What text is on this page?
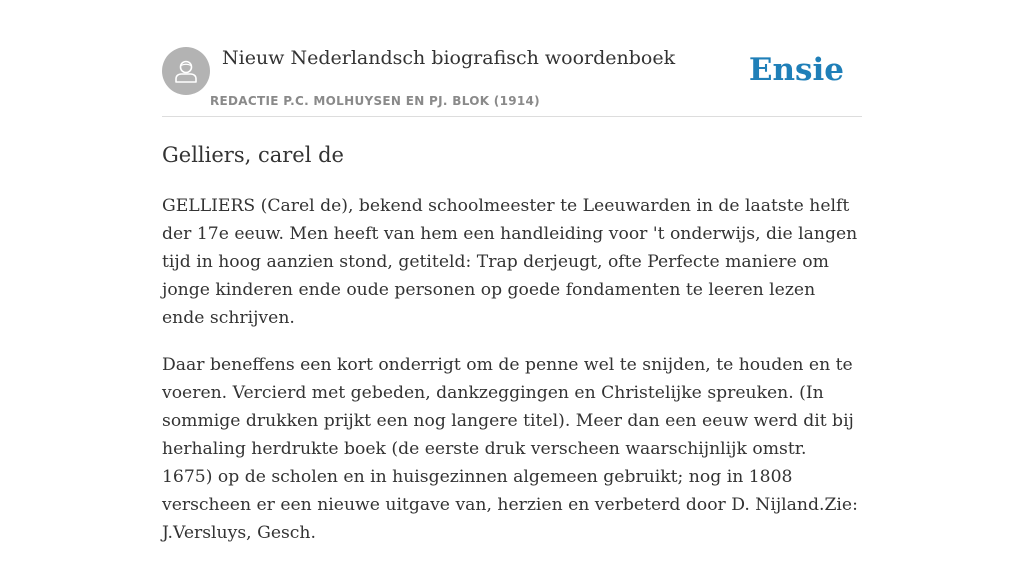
Nieuw Nederlandsch biografisch woordenboek
REDACTIE P.C. MOLHUYSEN EN PJ. BLOK (1914)
Ensie
Gelliers, carel de

GELLIERS (Carel de), bekend schoolmeester te Leeuwarden in de laatste helft der 17e eeuw. Men heeft van hem een handleiding voor 't onderwijs, die langen tijd in hoog aanzien stond, getiteld: Trap derjeugt, ofte Perfecte maniere om jonge kinderen ende oude personen op goede fondamenten te leeren lezen ende schrijven.

Daar beneffens een kort onderrigt om de penne wel te snijden, te houden en te voeren. Vercierd met gebeden, dankzeggingen en Christelijke spreuken. (In sommige drukken prijkt een nog langere titel). Meer dan een eeuw werd dit bij herhaling herdrukte boek (de eerste druk verscheen waarschijnlijk omstr. 1675) op de scholen en in huisgezinnen algemeen gebruikt; nog in 1808 verscheen er een nieuwe uitgave van, herzien en verbeterd door D. Nijland.Zie: J.Versluys, Gesch.
